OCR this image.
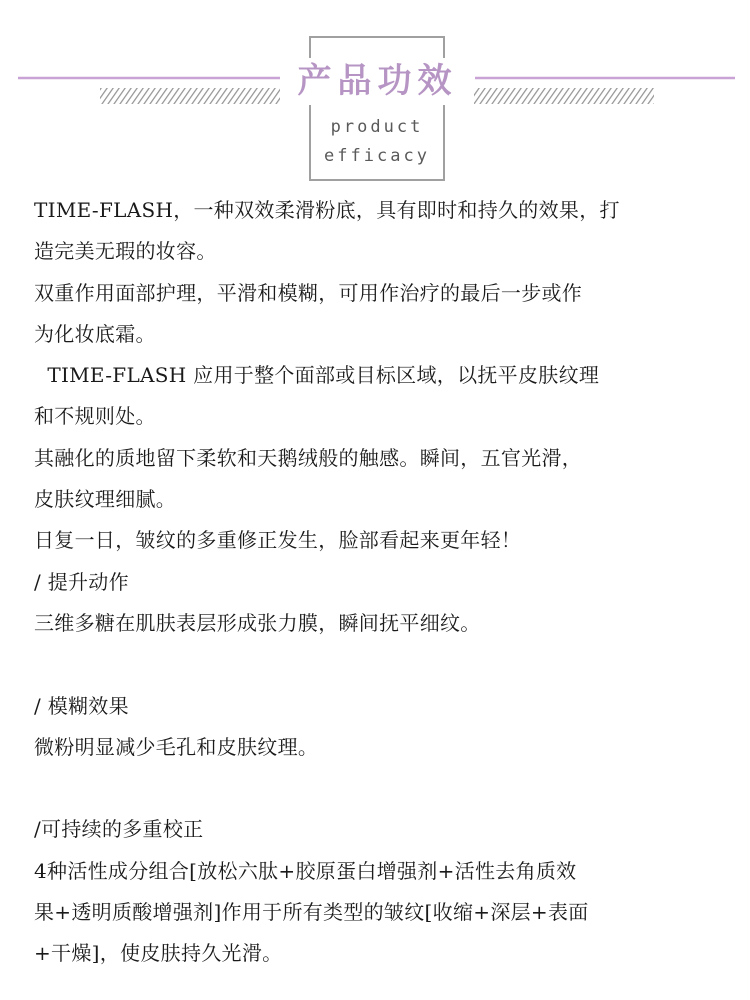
产品功效
product
efficacy
TIME-FLASH，一种双效柔滑粉底，具有即时和持久的效果，打
造完美无瑕的妆容。
双重作用面部护理，平滑和模糊，可用作治疗的最后一步或作
为化妆底霜。
TIME-FLASH 应用于整个面部或目标区域，以抚平皮肤纹理
和不规则处。
其融化的质地留下柔软和天鹅绒般的触感。瞬间，五官光滑，
皮肤纹理细腻。
日复一日，皱纹的多重修正发生，脸部看起来更年轻！
/ 提升动作
三维多糖在肌肤表层形成张力膜，瞬间抚平细纹。
/ 模糊效果
微粉明显减少毛孔和皮肤纹理。
/可持续的多重校正
4种活性成分组合[放松六肽+胶原蛋白增强剂+活性去角质效
果+透明质酸增强剂]作用于所有类型的皱纹[收缩+深层+表面
+干燥]，使皮肤持久光滑。
